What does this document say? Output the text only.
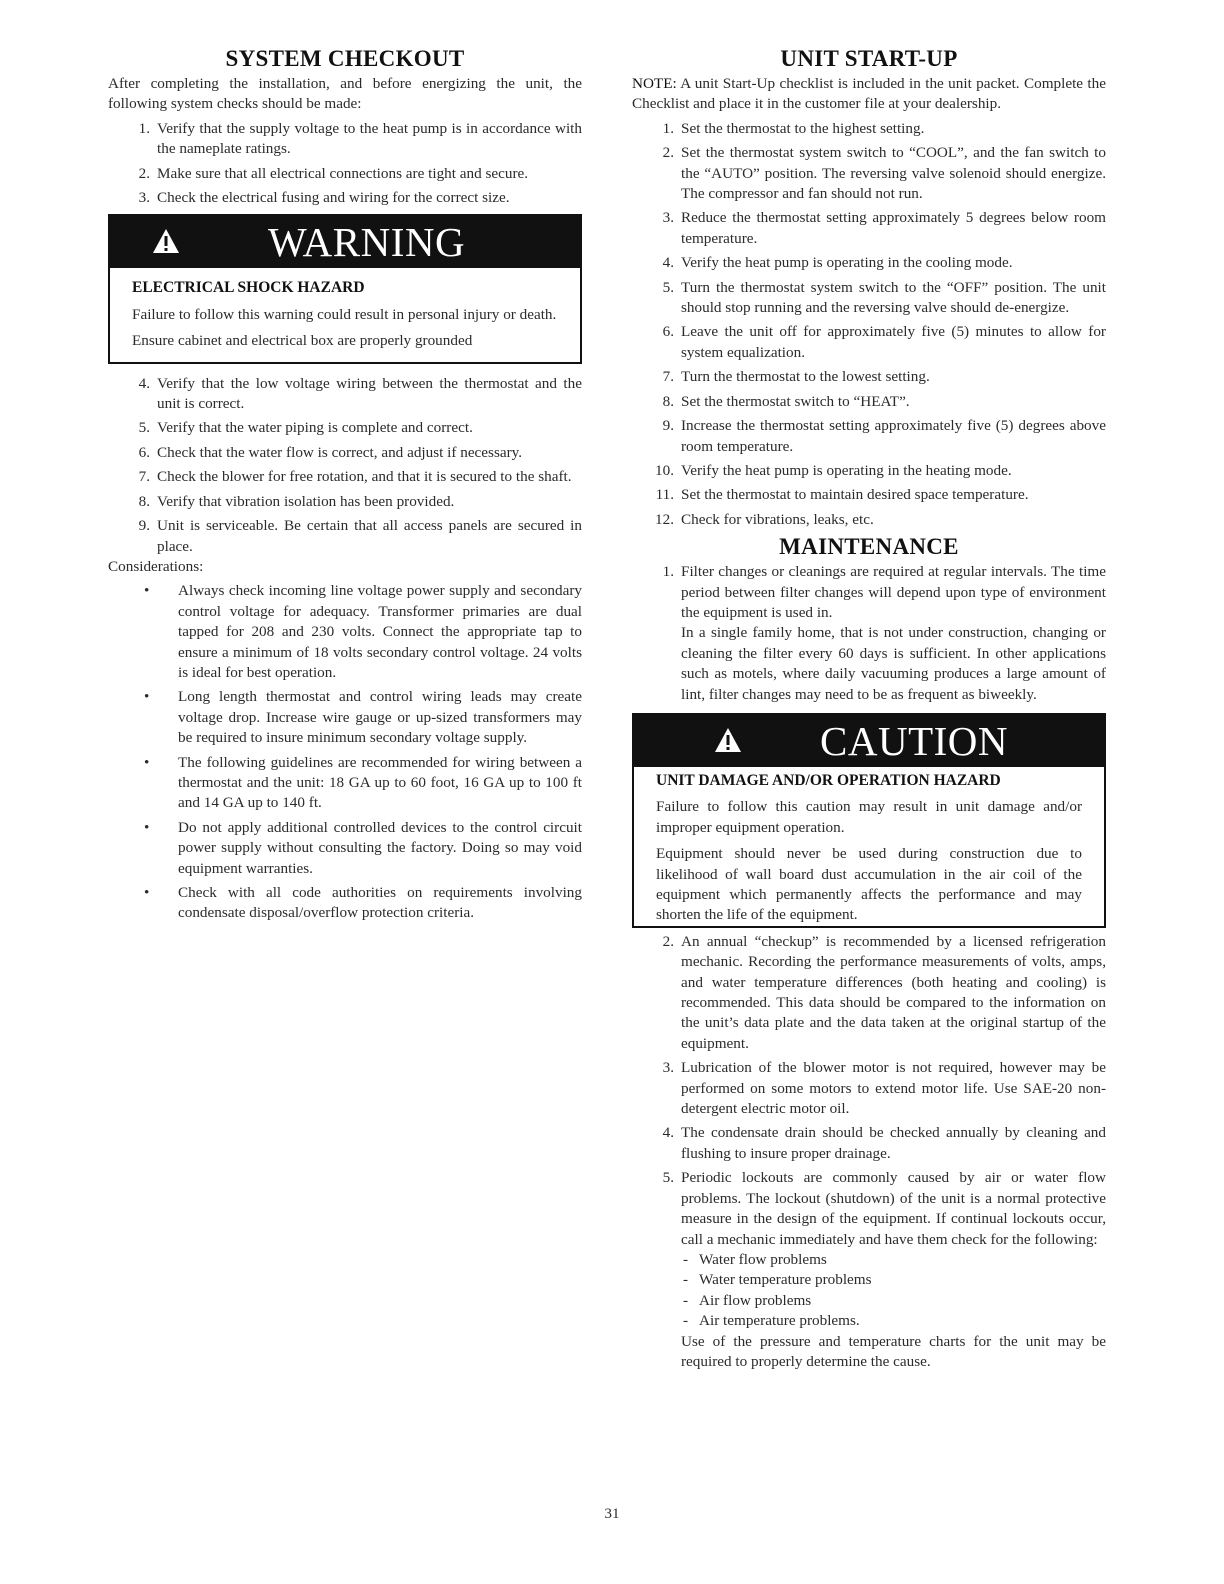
SYSTEM CHECKOUT

After completing the installation, and before energizing the unit, the following system checks should be made:

1. Verify that the supply voltage to the heat pump is in accordance with the nameplate ratings.
2. Make sure that all electrical connections are tight and secure.
3. Check the electrical fusing and wiring for the correct size.
WARNING
ELECTRICAL SHOCK HAZARD

Failure to follow this warning could result in personal injury or death.

Ensure cabinet and electrical box are properly grounded

4. Verify that the low voltage wiring between the thermostat and the unit is correct.
5. Verify that the water piping is complete and correct.
6. Check that the water flow is correct, and adjust if necessary.
7. Check the blower for free rotation, and that it is secured to the shaft.
8. Verify that vibration isolation has been provided.
9. Unit is serviceable. Be certain that all access panels are secured in place.

Considerations:

• Always check incoming line voltage power supply and secondary control voltage for adequacy. Transformer primaries are dual tapped for 208 and 230 volts. Connect the appropriate tap to ensure a minimum of 18 volts secondary control voltage. 24 volts is ideal for best operation.
• Long length thermostat and control wiring leads may create voltage drop. Increase wire gauge or up-sized transformers may be required to insure minimum secondary voltage supply.
• The following guidelines are recommended for wiring between a thermostat and the unit: 18 GA up to 60 foot, 16 GA up to 100 ft and 14 GA up to 140 ft.
• Do not apply additional controlled devices to the control circuit power supply without consulting the factory. Doing so may void equipment warranties.
• Check with all code authorities on requirements involving condensate disposal/overflow protection criteria.
UNIT START-UP

NOTE: A unit Start-Up checklist is included in the unit packet. Complete the Checklist and place it in the customer file at your dealership.

1. Set the thermostat to the highest setting.
2. Set the thermostat system switch to “COOL”, and the fan switch to the “AUTO” position. The reversing valve solenoid should energize. The compressor and fan should not run.
3. Reduce the thermostat setting approximately 5 degrees below room temperature.
4. Verify the heat pump is operating in the cooling mode.
5. Turn the thermostat system switch to the “OFF” position. The unit should stop running and the reversing valve should de-energize.
6. Leave the unit off for approximately five (5) minutes to allow for system equalization.
7. Turn the thermostat to the lowest setting.
8. Set the thermostat switch to “HEAT”.
9. Increase the thermostat setting approximately five (5) degrees above room temperature.
10. Verify the heat pump is operating in the heating mode.
11. Set the thermostat to maintain desired space temperature.
12. Check for vibrations, leaks, etc.
MAINTENANCE
1. Filter changes or cleanings are required at regular intervals. The time period between filter changes will depend upon type of environment the equipment is used in.

In a single family home, that is not under construction, changing or cleaning the filter every 60 days is sufficient. In other applications such as motels, where daily vacuuming produces a large amount of lint, filter changes may need to be as frequent as biweekly.

CAUTION
UNIT DAMAGE AND/OR OPERATION HAZARD

Failure to follow this caution may result in unit damage and/or improper equipment operation.

Equipment should never be used during construction due to likelihood of wall board dust accumulation in the air coil of the equipment which permanently affects the performance and may shorten the life of the equipment.

2. An annual “checkup” is recommended by a licensed refrigeration mechanic. Recording the performance measurements of volts, amps, and water temperature differences (both heating and cooling) is recommended. This data should be compared to the information on the unit’s data plate and the data taken at the original startup of the equipment.
3. Lubrication of the blower motor is not required, however may be performed on some motors to extend motor life. Use SAE-20 non-detergent electric motor oil.
4. The condensate drain should be checked annually by cleaning and flushing to insure proper drainage.
5. Periodic lockouts are commonly caused by air or water flow problems. The lockout (shutdown) of the unit is a normal protective measure in the design of the equipment. If continual lockouts occur, call a mechanic immediately and have them check for the following:
- Water flow problems
- Water temperature problems
- Air flow problems
- Air temperature problems.

Use of the pressure and temperature charts for the unit may be required to properly determine the cause.

31
